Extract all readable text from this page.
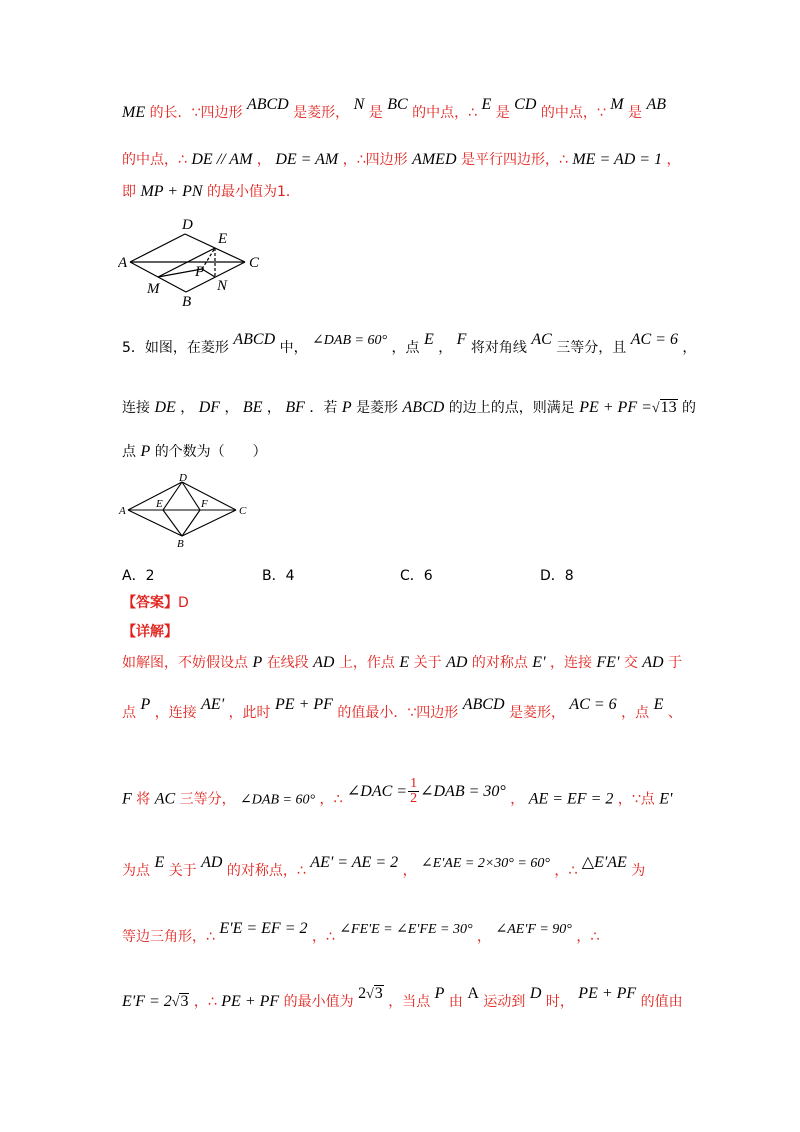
ME 的长．∵四边形 ABCD 是菱形， N 是 BC 的中点，∴ E 是 CD 的中点，∵ M 是 AB
的中点，∴ DE // AM ， DE = AM ，∴四边形 AMED 是平行四边形，∴ ME = AD = 1 ，
即 MP + PN 的最小值为1．
D
E
A
P
C
M	N
B
5．如图，在菱形 ABCD 中， ∠DAB = 60° ，点 E ， F 将对角线 AC 三等分，且 AC = 6 ，
连接 DE ， DF ， BE ， BF ．若 P 是菱形 ABCD 的边上的点，则满足 PE + PF =√13 的
点 P 的个数为（　　）
D
A
E	F
C
B
A．2	B．4	C．6	D．8
【答案】D
【详解】
如解图，不妨假设点 P 在线段 AD 上，作点 E 关于 AD 的对称点 E' ，连接 FE' 交 AD 于
点 P ，连接 AE' ，此时 PE + PF 的值最小．∵四边形 ABCD 是菱形， AC = 6 ，点 E 、
F 将 AC 三等分， ∠DAB = 60° ，∴ ∠DAC = $\frac{1}{2}$ ∠DAB = 30° ， AE = EF = 2 ，∵点 E'
为点 E 关于 AD 的对称点，∴ AE' = AE = 2 ， ∠E'AE = 2×30° = 60° ，∴ △E'AE 为
等边三角形，∴ E'E = EF = 2 ，∴ ∠FE'E = ∠E'FE = 30° ， ∠AE'F = 90° ，∴
E'F = 2√3 ，∴ PE + PF 的最小值为 2√3 ，当点 P 由 A 运动到 D 时， PE + PF 的值由
